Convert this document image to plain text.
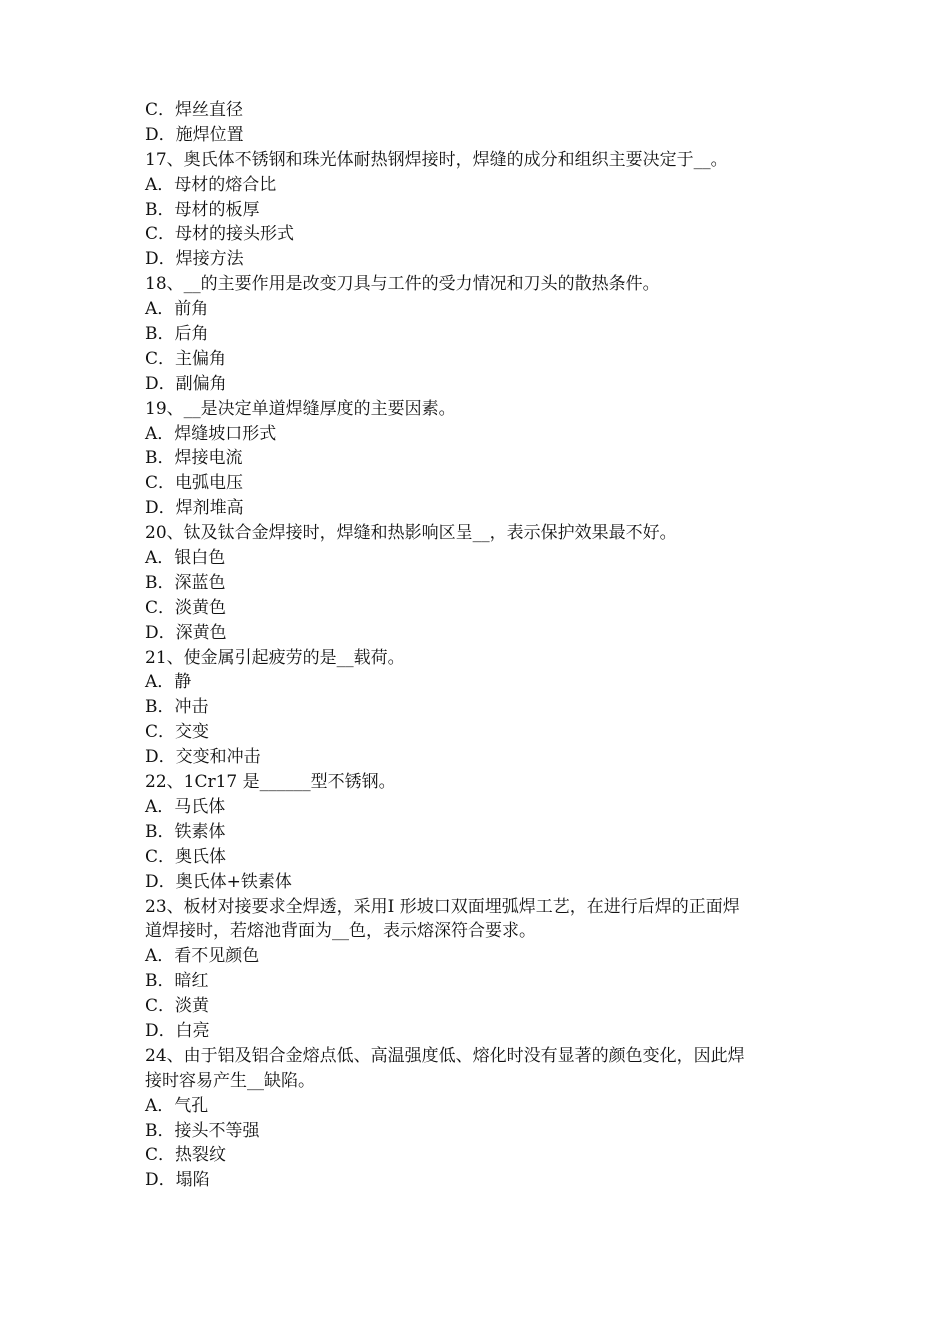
C．焊丝直径
D．施焊位置
17、奥氏体不锈钢和珠光体耐热钢焊接时，焊缝的成分和组织主要决定于__。
A．母材的熔合比
B．母材的板厚
C．母材的接头形式
D．焊接方法
18、__的主要作用是改变刀具与工件的受力情况和刀头的散热条件。
A．前角
B．后角
C．主偏角
D．副偏角
19、__是决定单道焊缝厚度的主要因素。
A．焊缝坡口形式
B．焊接电流
C．电弧电压
D．焊剂堆高
20、钛及钛合金焊接时，焊缝和热影响区呈__，表示保护效果最不好。
A．银白色
B．深蓝色
C．淡黄色
D．深黄色
21、使金属引起疲劳的是__载荷。
A．静
B．冲击
C．交变
D．交变和冲击
22、1Cr17 是______型不锈钢。
A．马氏体
B．铁素体
C．奥氏体
D．奥氏体+铁素体
23、板材对接要求全焊透，采用I 形坡口双面埋弧焊工艺，在进行后焊的正面焊
道焊接时，若熔池背面为__色，表示熔深符合要求。
A．看不见颜色
B．暗红
C．淡黄
D．白亮
24、由于铝及铝合金熔点低、高温强度低、熔化时没有显著的颜色变化，因此焊
接时容易产生__缺陷。
A．气孔
B．接头不等强
C．热裂纹
D．塌陷
